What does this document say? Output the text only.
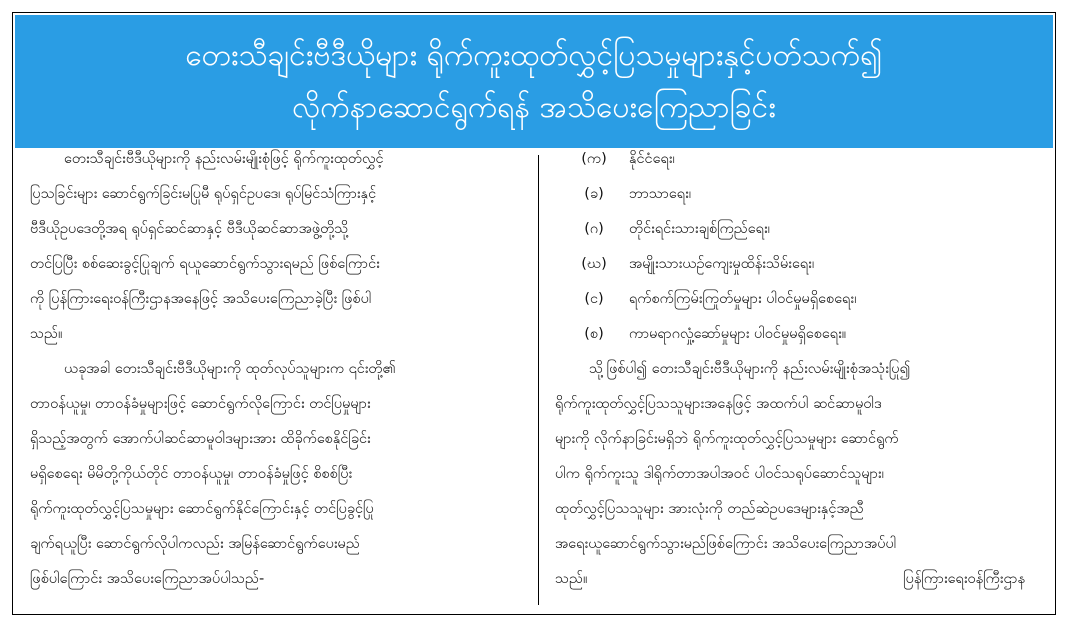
တေးသီချင်းဗီဒီယိုများ ရိုက်ကူးထုတ်လွှင့်ပြသမှုများနှင့်ပတ်သက်၍
လိုက်နာဆောင်ရွက်ရန် အသိပေးကြေညာခြင်း
တေးသီချင်းဗီဒီယိုများကို နည်းလမ်းမျိုးစုံဖြင့် ရိုက်ကူးထုတ်လွှင့်
ပြသခြင်းများ ဆောင်ရွက်ခြင်းမပြုမီ ရုပ်ရှင်ဥပဒေ၊ ရုပ်မြင်သံကြားနှင့်
ဗီဒီယိုဥပဒေတို့အရ ရုပ်ရှင်ဆင်ဆာနှင့် ဗီဒီယိုဆင်ဆာအဖွဲ့တို့သို့
တင်ပြပြီး စစ်ဆေးခွင့်ပြုချက် ရယူဆောင်ရွက်သွားရမည် ဖြစ်ကြောင်း
ကို ပြန်ကြားရေးဝန်ကြီးဌာနအနေဖြင့် အသိပေးကြေညာခဲ့ပြီး ဖြစ်ပါ
သည်။
ယခုအခါ တေးသီချင်းဗီဒီယိုများကို ထုတ်လုပ်သူများက ၎င်းတို့၏
တာဝန်ယူမှု၊ တာဝန်ခံမှုများဖြင့် ဆောင်ရွက်လိုကြောင်း တင်ပြမှုများ
ရှိသည့်အတွက် အောက်ပါဆင်ဆာမူဝါဒများအား ထိခိုက်စေနိုင်ခြင်း
မရှိစေရေး မိမိတို့ကိုယ်တိုင် တာဝန်ယူမှု၊ တာဝန်ခံမှုဖြင့် စိစစ်ပြီး
ရိုက်ကူးထုတ်လွှင့်ပြသမှုများ ဆောင်ရွက်နိုင်ကြောင်းနှင့် တင်ပြခွင့်ပြု
ချက်ရယူပြီး ဆောင်ရွက်လိုပါကလည်း အမြန်ဆောင်ရွက်ပေးမည်
ဖြစ်ပါကြောင်း အသိပေးကြေညာအပ်ပါသည်-
(က)	နိုင်ငံရေး၊
(ခ)	ဘာသာရေး၊
(ဂ)	တိုင်းရင်းသားချစ်ကြည်ရေး၊
(ဃ)	အမျိုးသားယဉ်ကျေးမှုထိန်းသိမ်းရေး၊
(င)	ရက်စက်ကြမ်းကြုတ်မှုများ ပါဝင်မှုမရှိစေရေး၊
(စ)	ကာမရာဂလှုံ့ဆော်မှုများ ပါဝင်မှုမရှိစေရေး။
သို့ဖြစ်ပါ၍ တေးသီချင်းဗီဒီယိုများကို နည်းလမ်းမျိုးစုံအသုံးပြု၍
ရိုက်ကူးထုတ်လွှင့်ပြသသူများအနေဖြင့် အထက်ပါ ဆင်ဆာမူဝါဒ
များကို လိုက်နာခြင်းမရှိဘဲ ရိုက်ကူးထုတ်လွှင့်ပြသမှုများ ဆောင်ရွက်
ပါက ရိုက်ကူးသူ ဒါရိုက်တာအပါအဝင် ပါဝင်သရုပ်ဆောင်သူများ၊
ထုတ်လွှင့်ပြသသူများ အားလုံးကို တည်ဆဲဥပဒေများနှင့်အညီ
အရေးယူဆောင်ရွက်သွားမည်ဖြစ်ကြောင်း အသိပေးကြေညာအပ်ပါ
သည်။	ပြန်ကြားရေးဝန်ကြီးဌာန
